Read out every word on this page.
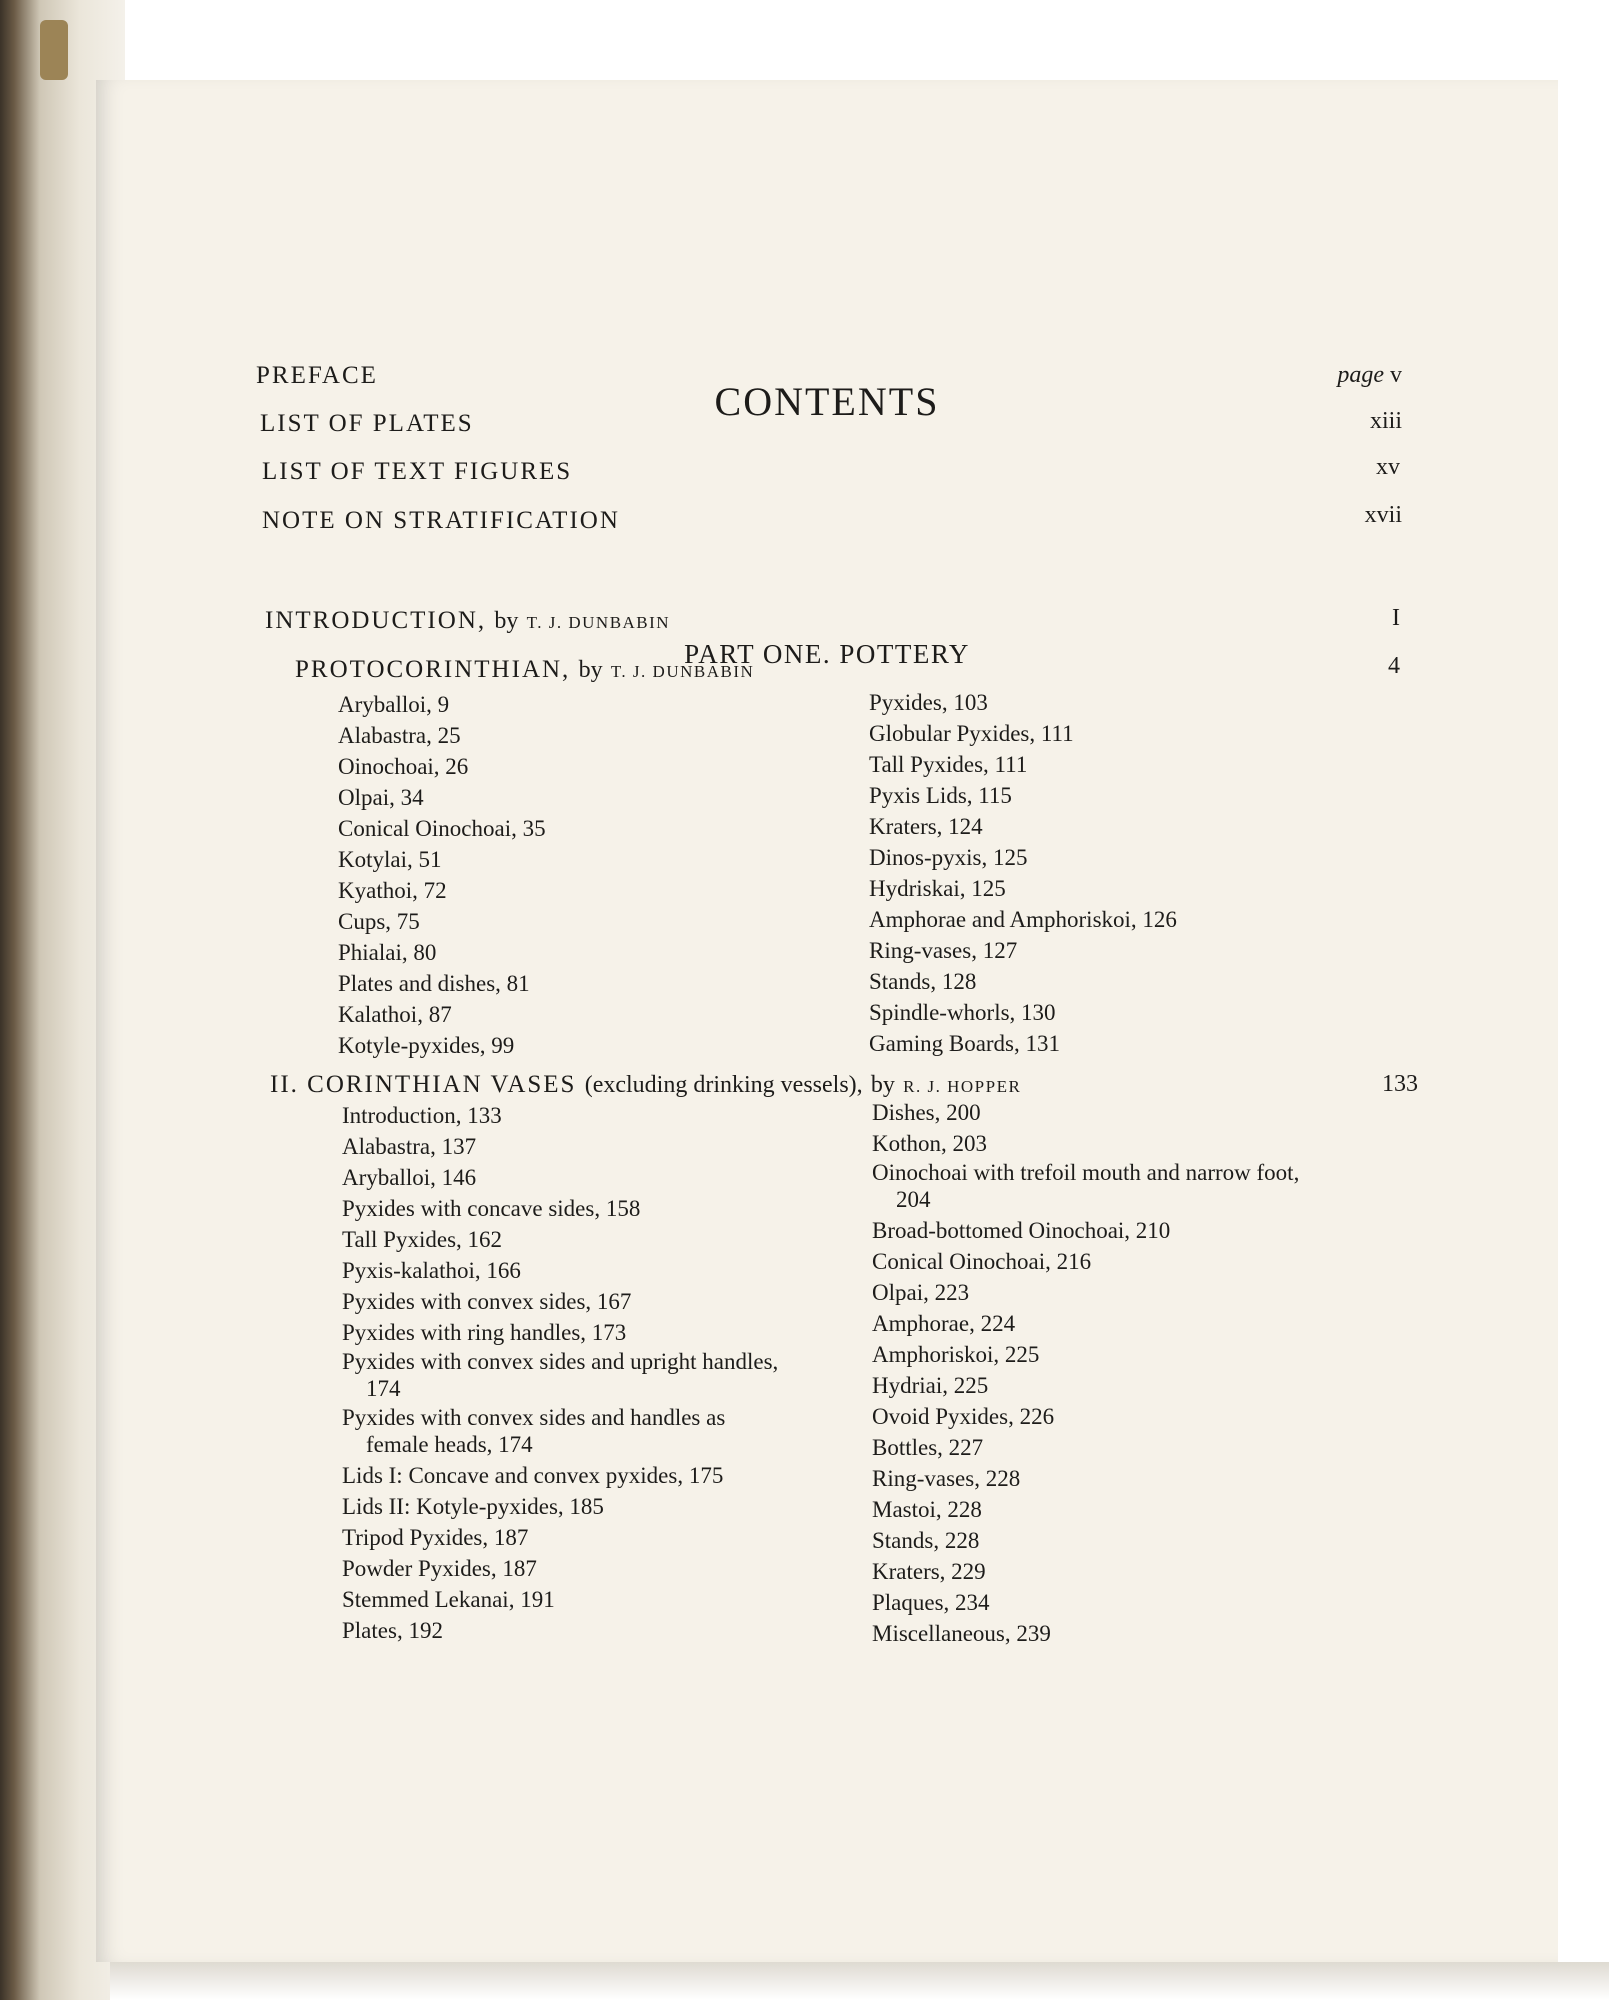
CONTENTS
PREFACE	page v
LIST OF PLATES	xiii
LIST OF TEXT FIGURES	xv
NOTE ON STRATIFICATION	xvii
PART ONE. POTTERY
INTRODUCTION, by T. J. DUNBABIN	I
PROTOCORINTHIAN, by T. J. DUNBABIN	4
Aryballoi, 9
Alabastra, 25
Oinochoai, 26
Olpai, 34
Conical Oinochoai, 35
Kotylai, 51
Kyathoi, 72
Cups, 75
Phialai, 80
Plates and dishes, 81
Kalathoi, 87
Kotyle-pyxides, 99
Pyxides, 103
Globular Pyxides, 111
Tall Pyxides, 111
Pyxis Lids, 115
Kraters, 124
Dinos-pyxis, 125
Hydriskai, 125
Amphorae and Amphoriskoi, 126
Ring-vases, 127
Stands, 128
Spindle-whorls, 130
Gaming Boards, 131
II. CORINTHIAN VASES (excluding drinking vessels), by R. J. HOPPER	133
Introduction, 133
Alabastra, 137
Aryballoi, 146
Pyxides with concave sides, 158
Tall Pyxides, 162
Pyxis-kalathoi, 166
Pyxides with convex sides, 167
Pyxides with ring handles, 173
Pyxides with convex sides and upright handles, 174
Pyxides with convex sides and handles as female heads, 174
Lids I: Concave and convex pyxides, 175
Lids II: Kotyle-pyxides, 185
Tripod Pyxides, 187
Powder Pyxides, 187
Stemmed Lekanai, 191
Plates, 192
Dishes, 200
Kothon, 203
Oinochoai with trefoil mouth and narrow foot, 204
Broad-bottomed Oinochoai, 210
Conical Oinochoai, 216
Olpai, 223
Amphorae, 224
Amphoriskoi, 225
Hydriai, 225
Ovoid Pyxides, 226
Bottles, 227
Ring-vases, 228
Mastoi, 228
Stands, 228
Kraters, 229
Plaques, 234
Miscellaneous, 239
